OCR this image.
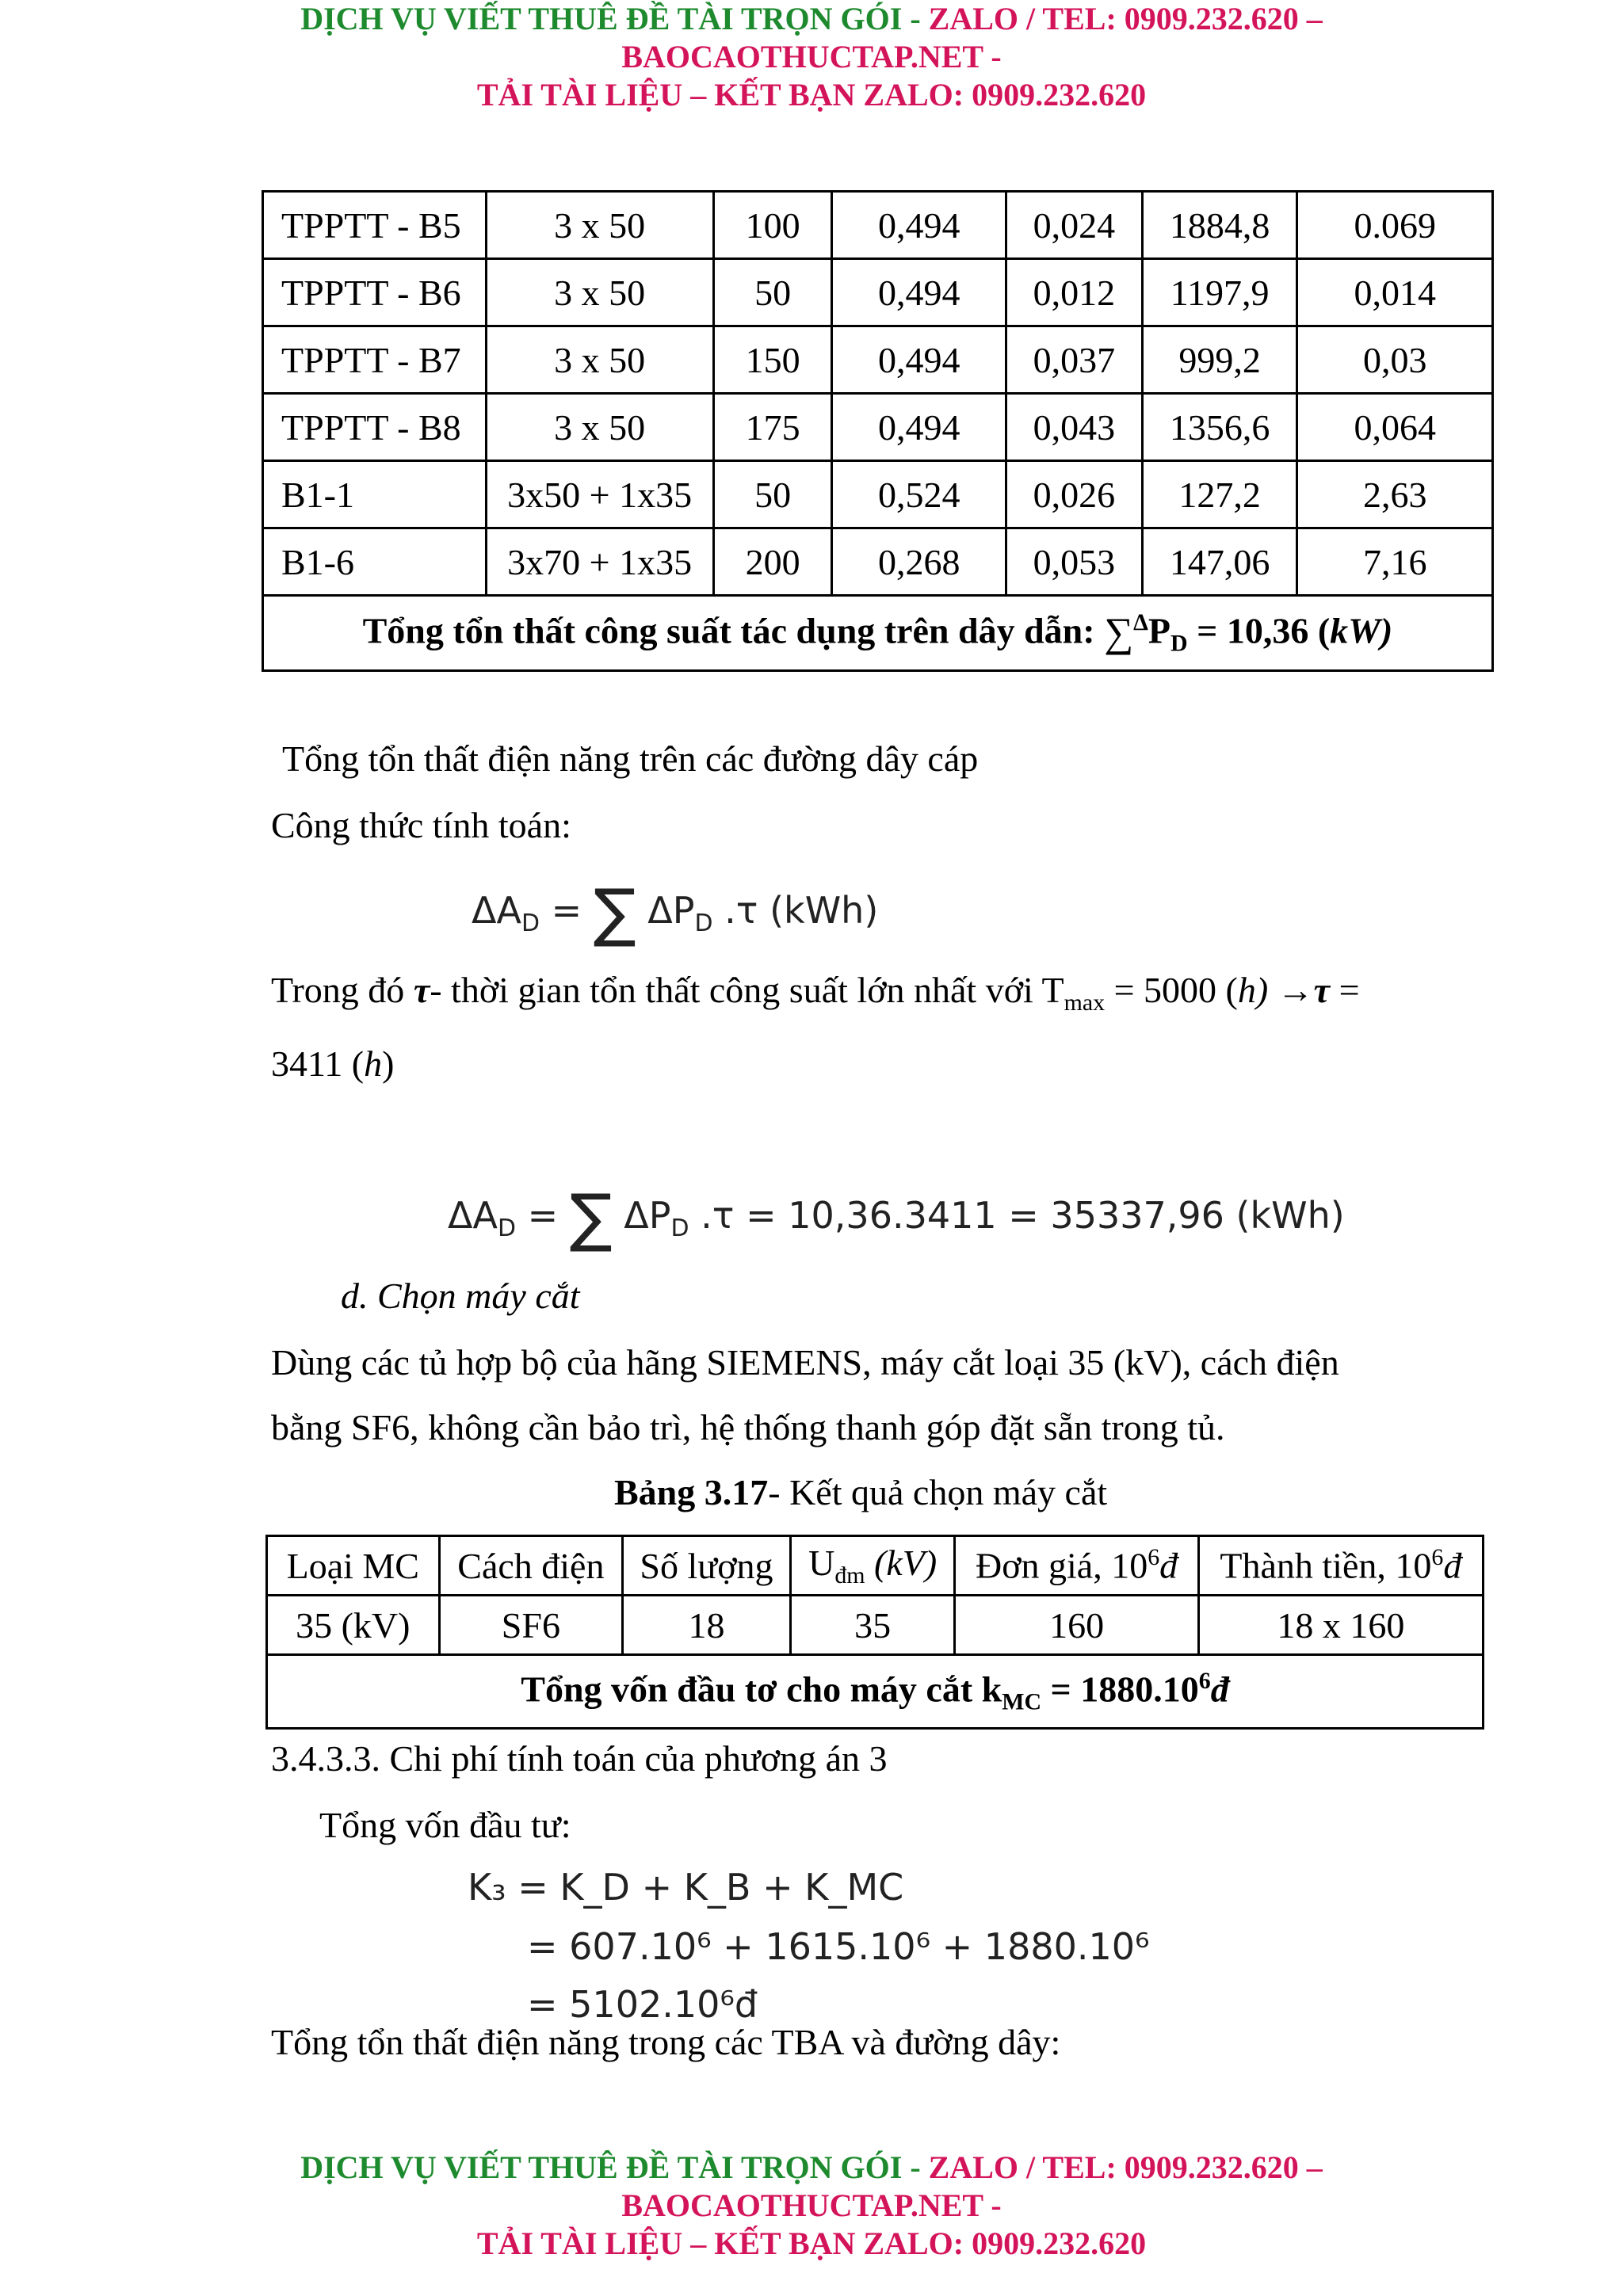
DỊCH VỤ VIẾT THUÊ ĐỀ TÀI TRỌN GÓI - ZALO / TEL: 0909.232.620 –
BAOCAOTHUCTAP.NET -
TẢI TÀI LIỆU – KẾT BẠN ZALO: 0909.232.620
TPPTT - B5	3 x 50	100	0,494	0,024	1884,8	0.069
TPPTT - B6	3 x 50	50	0,494	0,012	1197,9	0,014
TPPTT - B7	3 x 50	150	0,494	0,037	999,2	0,03
TPPTT - B8	3 x 50	175	0,494	0,043	1356,6	0,064
B1-1	3x50 + 1x35	50	0,524	0,026	127,2	2,63
B1-6	3x70 + 1x35	200	0,268	0,053	147,06	7,16
Tổng tổn thất công suất tác dụng trên dây dẫn: $\sum^\Delta P_D = 10,36$ (kW)						
Tổng tổn thất điện năng trên các đường dây cáp
Công thức tính toán:
$\Delta A_D$ = ∑ $\Delta P_D$ .τ (kWh)
Trong đó τ- thời gian tổn thất công suất lớn nhất với $T_{max} = 5000$ (h) →τ =
3411 (h)
$\Delta A_D$ = ∑ $\Delta P_D$ .τ = 10,36.3411 = 35337,96 (kWh)
d. Chọn máy cắt
Dùng các tủ hợp bộ của hãng SIEMENS, máy cắt loại 35 (kV), cách điện
bằng SF6, không cần bảo trì, hệ thống thanh góp đặt sẵn trong tủ.
Bảng 3.17- Kết quả chọn máy cắt
Loại MC	Cách điện	Số lượng	$U_{đm}$ (kV)	Đơn giá, $10^6đ$	Thành tiền, $10^6đ$
35 (kV)	SF6	18	35	160	18 x 160
Tổng vốn đầu tơ cho máy cắt $k_{MC}$ = $1880.10^6đ$					
3.4.3.3. Chi phí tính toán của phương án 3
Tổng vốn đầu tư:
K₃ = K_D + K_B + K_MC
= 607.10⁶ + 1615.10⁶ + 1880.10⁶
= 5102.10⁶đ
Tổng tổn thất điện năng trong các TBA và đường dây:
DỊCH VỤ VIẾT THUÊ ĐỀ TÀI TRỌN GÓI - ZALO / TEL: 0909.232.620 –
BAOCAOTHUCTAP.NET -
TẢI TÀI LIỆU – KẾT BẠN ZALO: 0909.232.620
